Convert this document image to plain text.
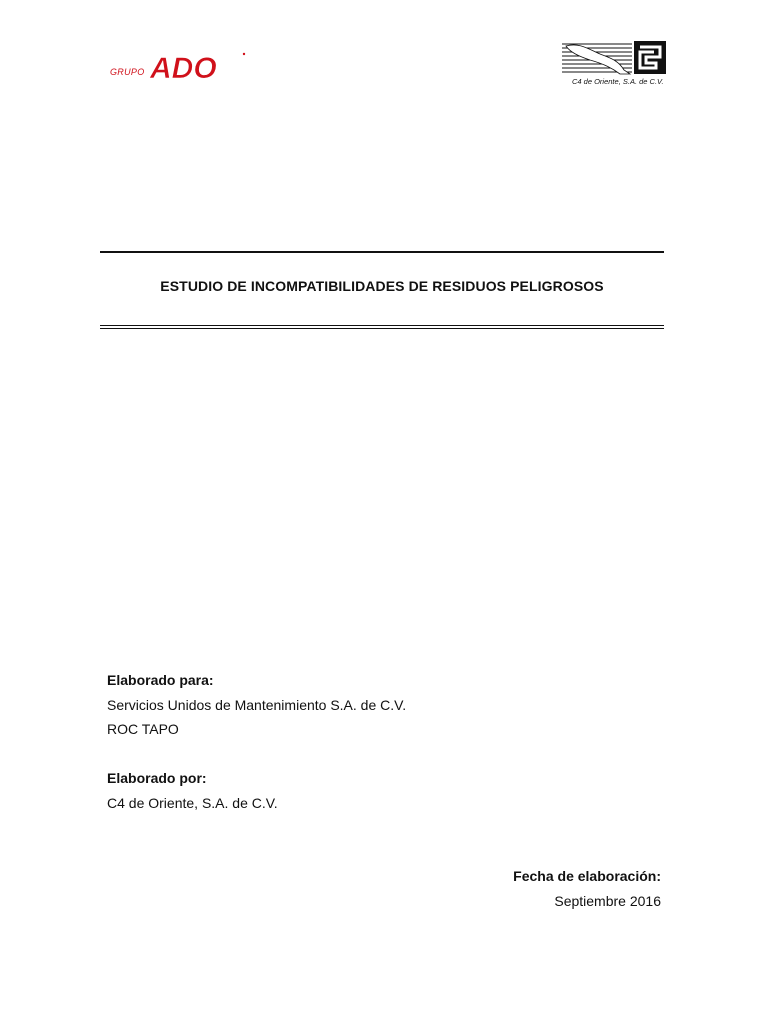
GRUPO ADO	C4 de Oriente, S.A. de C.V.
ESTUDIO DE INCOMPATIBILIDADES DE RESIDUOS PELIGROSOS
Elaborado para:
Servicios Unidos de Mantenimiento S.A. de C.V.
ROC TAPO
Elaborado por:
C4 de Oriente, S.A. de C.V.
Fecha de elaboración:
Septiembre 2016
